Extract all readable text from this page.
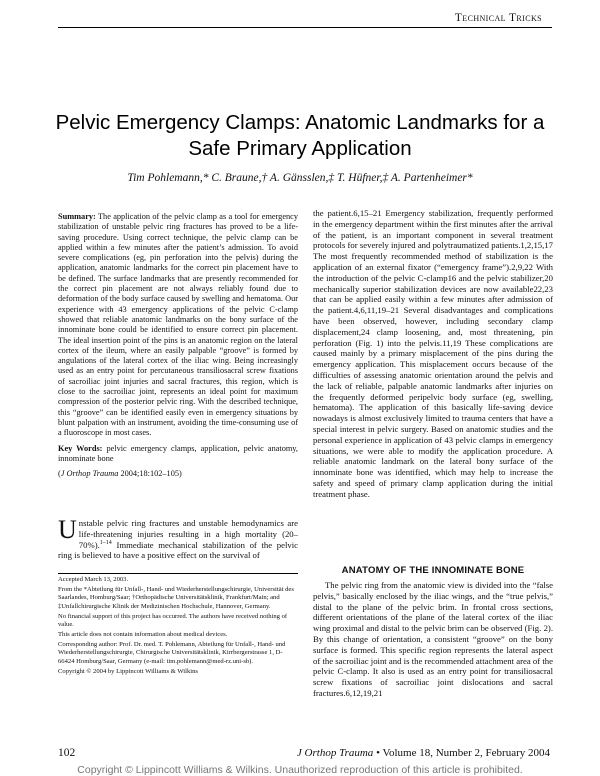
Technical Tricks
Pelvic Emergency Clamps: Anatomic Landmarks for a Safe Primary Application
Tim Pohlemann,* C. Braune,† A. Gänsslen,‡ T. Hüfner,‡ A. Partenheimer*

Summary: The application of the pelvic clamp as a tool for emergency stabilization of unstable pelvic ring fractures has proved to be a life-saving procedure. Using correct technique, the pelvic clamp can be applied within a few minutes after the patient’s admission. To avoid severe complications (eg, pin perforation into the pelvis) during the application, anatomic landmarks for the correct pin placement have to be defined. The surface landmarks that are presently recommended for the correct pin placement are not always reliably found due to deformation of the body surface caused by swelling and hematoma. Our experience with 43 emergency applications of the pelvic C-clamp showed that reliable anatomic landmarks on the bony surface of the innominate bone could be identified to ensure correct pin placement. The ideal insertion point of the pins is an anatomic region on the lateral cortex of the ileum, where an easily palpable “groove” is formed by angulations of the lateral cortex of the iliac wing. Being increasingly used as an entry point for percutaneous transiliosacral screw fixations of sacroiliac joint injuries and sacral fractures, this region, which is close to the sacroiliac joint, represents an ideal point for maximum compression of the posterior pelvic ring. With the described technique, this “groove” can be identified easily even in emergency situations by blunt palpation with an instrument, avoiding the time-consuming use of a fluoroscope in most cases.

Key Words: pelvic emergency clamps, application, pelvic anatomy, innominate bone

(J Orthop Trauma 2004;18:102–105)

Unstable pelvic ring fractures and unstable hemodynamics are life-threatening injuries resulting in a high mortality (20–70%).$^{1-14}$ Immediate mechanical stabilization of the pelvic ring is believed to have a positive effect on the survival of

Accepted March 13, 2003.

From the *Abteilung für Unfall-, Hand- und Wiederherstellungschirurgie, Universität des Saarlandes, Homburg/Saar; †Orthopädische Universitätsklinik, Frankfurt/Main; and ‡Unfallchirurgische Klinik der Medizinischen Hochschule, Hannover, Germany.

No financial support of this project has occurred. The authors have received nothing of value.

This article does not contain information about medical devices.

Corresponding author: Prof. Dr. med. T. Pohlemann, Abteilung für Unfall-, Hand- und Wiederherstellungschirurgie, Chirurgische Universitätsklinik, Kirrbergerstrasse 1, D-66424 Homburg/Saar, Germany (e-mail: tim.pohlemann@med-rz.uni-sb).

Copyright © 2004 by Lippincott Williams & Wilkins

the patient.6,15–21 Emergency stabilization, frequently performed in the emergency department within the first minutes after the arrival of the patient, is an important component in several treatment protocols for severely injured and polytraumatized patients.1,2,15,17 The most frequently recommended method of stabilization is the application of an external fixator (“emergency frame”).2,9,22 With the introduction of the pelvic C-clamp16 and the pelvic stabilizer,20 mechanically superior stabilization devices are now available22,23 that can be applied easily within a few minutes after admission of the patient.4,6,11,19–21 Several disadvantages and complications have been observed, however, including secondary clamp displacement,24 clamp loosening, and, most threatening, pin perforation (Fig. 1) into the pelvis.11,19 These complications are caused mainly by a primary misplacement of the pins during the emergency application. This misplacement occurs because of the difficulties of assessing anatomic orientation around the pelvis and the lack of reliable, palpable anatomic landmarks after injuries on the frequently deformed peripelvic body surface (eg, swelling, hematoma). The application of this basically life-saving device nowadays is almost exclusively limited to trauma centers that have a special interest in pelvic surgery. Based on anatomic studies and the personal experience in application of 43 pelvic clamps in emergency situations, we were able to modify the application procedure. A reliable anatomic landmark on the lateral bony surface of the innominate bone was identified, which may help to increase the safety and speed of primary clamp application during the initial treatment phase.
ANATOMY OF THE INNOMINATE BONE
The pelvic ring from the anatomic view is divided into the “false pelvis,” basically enclosed by the iliac wings, and the “true pelvis,” distal to the plane of the pelvic brim. In frontal cross sections, different orientations of the plane of the lateral cortex of the iliac wing proximal and distal to the pelvic brim can be observed (Fig. 2). By this change of orientation, a consistent “groove” on the bony surface is formed. This specific region represents the lateral aspect of the sacroiliac joint and is the recommended attachment area of the pelvic C-clamp. It also is used as an entry point for transiliosacral screw fixations of sacroiliac joint dislocations and sacral fractures.6,12,19,21
102	J Orthop Trauma • Volume 18, Number 2, February 2004
Copyright © Lippincott Williams & Wilkins. Unauthorized reproduction of this article is prohibited.
